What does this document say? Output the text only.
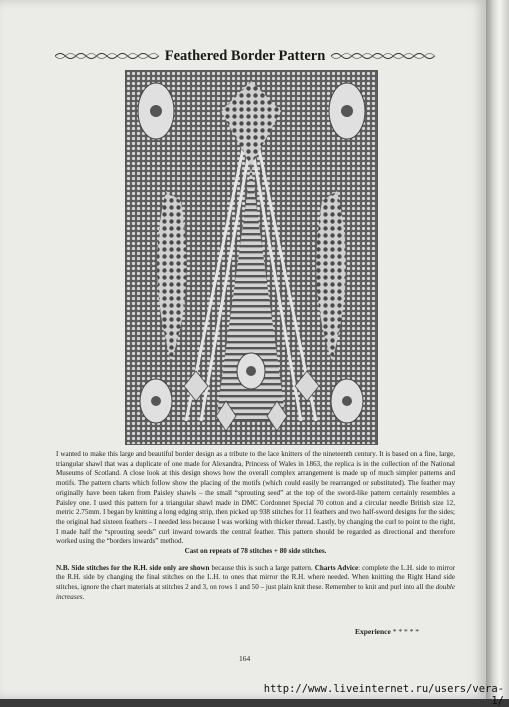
Feathered Border Pattern

I wanted to make this large and beautiful border design as a tribute to the lace knitters of the nineteenth century. It is based on a fine, large, triangular shawl that was a duplicate of one made for Alexandra, Princess of Wales in 1863, the replica is in the collection of the National Museums of Scotland. A close look at this design shows how the overall complex arrangement is made up of much simpler patterns and motifs. The pattern charts which follow show the placing of the motifs (which could easily be rearranged or substituted). The feather may originally have been taken from Paisley shawls – the small “sprouting seed” at the top of the sword-like pattern certainly resembles a Paisley one. I used this pattern for a triangular shawl made in DMC Cordonnet Special 70 cotton and a circular needle British size 12, metric 2.75mm. I began by knitting a long edging strip, then picked up 938 stitches for 11 feathers and two half-sword designs for the sides; the original had sixteen feathers – I needed less because I was working with thicker thread. Lastly, by changing the curl to point to the right, I made half the “sprouting seeds” curl inward towards the central feather. This pattern should be regarded as directional and therefore worked using the “borders inwards” method.

Cast on repeats of 78 stitches + 80 side stitches.

N.B. Side stitches for the R.H. side only are shown because this is such a large pattern. Charts Advice: complete the L.H. side to mirror the R.H. side by changing the final stitches on the L.H. to ones that mirror the R.H. where needed. When knitting the Right Hand side stitches, ignore the chart materials at stitches 2 and 3, on rows 1 and 50 – just plain knit these. Remember to knit and purl into all the double increases.

Experience * * * * *
164
http://www.liveinternet.ru/users/vera-1/
